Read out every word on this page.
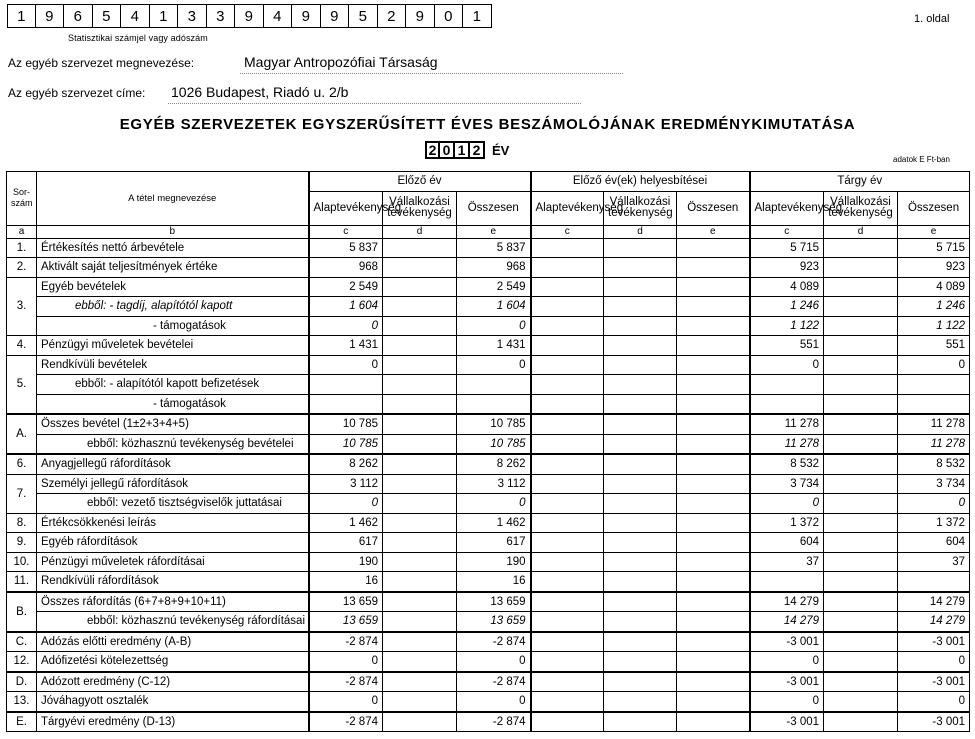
1	9	6	5	4	1	3	3	9	4	9	9	5	2	9	0	1
Statisztikai számjel vagy adószám
1. oldal
Az egyéb szervezet megnevezése:	Magyar Antropozófiai Társaság
Az egyéb szervezet címe: 1026 Budapest, Riadó u. 2/b
EGYÉB SZERVEZETEK EGYSZERŰSÍTETT ÉVES BESZÁMOLÓJÁNAK EREDMÉNYKIMUTATÁSA
2 0 1 2 ÉV
adatok E Ft-ban
Sor-szám	A tétel megnevezése	Előző év			Előző év(ek) helyesbítései			Tárgy év		
		Alaptevékenység	Vállalkozási tevékenység	Összesen	Alaptevékenység	Vállalkozási tevékenység	Összesen	Alaptevékenység	Vállalkozási tevékenység	Összesen
a	b	c	d	e	c	d	e	c	d	e
1.	Értékesítés nettó árbevétele	5 837		5 837				5 715		5 715
2.	Aktivált saját teljesítmények értéke	968		968				923		923
3.	Egyéb bevételek	2 549		2 549				4 089		4 089
	ebből: - tagdíj, alapítótól kapott	1 604		1 604				1 246		1 246
	- támogatások	0		0				1 122		1 122
4.	Pénzügyi műveletek bevételei	1 431		1 431				551		551
5.	Rendkívüli bevételek	0		0				0		0
	ebből: - alapítótól kapott befizetések									
	- támogatások									
A.	Összes bevétel (1±2+3+4+5)	10 785		10 785				11 278		11 278
	ebből: közhasznú tevékenység bevételei	10 785		10 785				11 278		11 278
6.	Anyagjellegű ráfordítások	8 262		8 262				8 532		8 532
7.	Személyi jellegű ráfordítások	3 112		3 112				3 734		3 734
	ebből: vezető tisztségviselők juttatásai	0		0				0		0
8.	Értékcsökkenési leírás	1 462		1 462				1 372		1 372
9.	Egyéb ráfordítások	617		617				604		604
10.	Pénzügyi műveletek ráfordításai	190		190				37		37
11.	Rendkívüli ráfordítások	16		16						
B.	Összes ráfordítás (6+7+8+9+10+11)	13 659		13 659				14 279		14 279
	ebből: közhasznú tevékenység ráfordításai	13 659		13 659				14 279		14 279
C.	Adózás előtti eredmény (A-B)	-2 874		-2 874				-3 001		-3 001
12.	Adófizetési kötelezettség	0		0				0		0
D.	Adózott eredmény (C-12)	-2 874		-2 874				-3 001		-3 001
13.	Jóváhagyott osztalék	0		0				0		0
E.	Tárgyévi eredmény (D-13)	-2 874		-2 874				-3 001		-3 001
